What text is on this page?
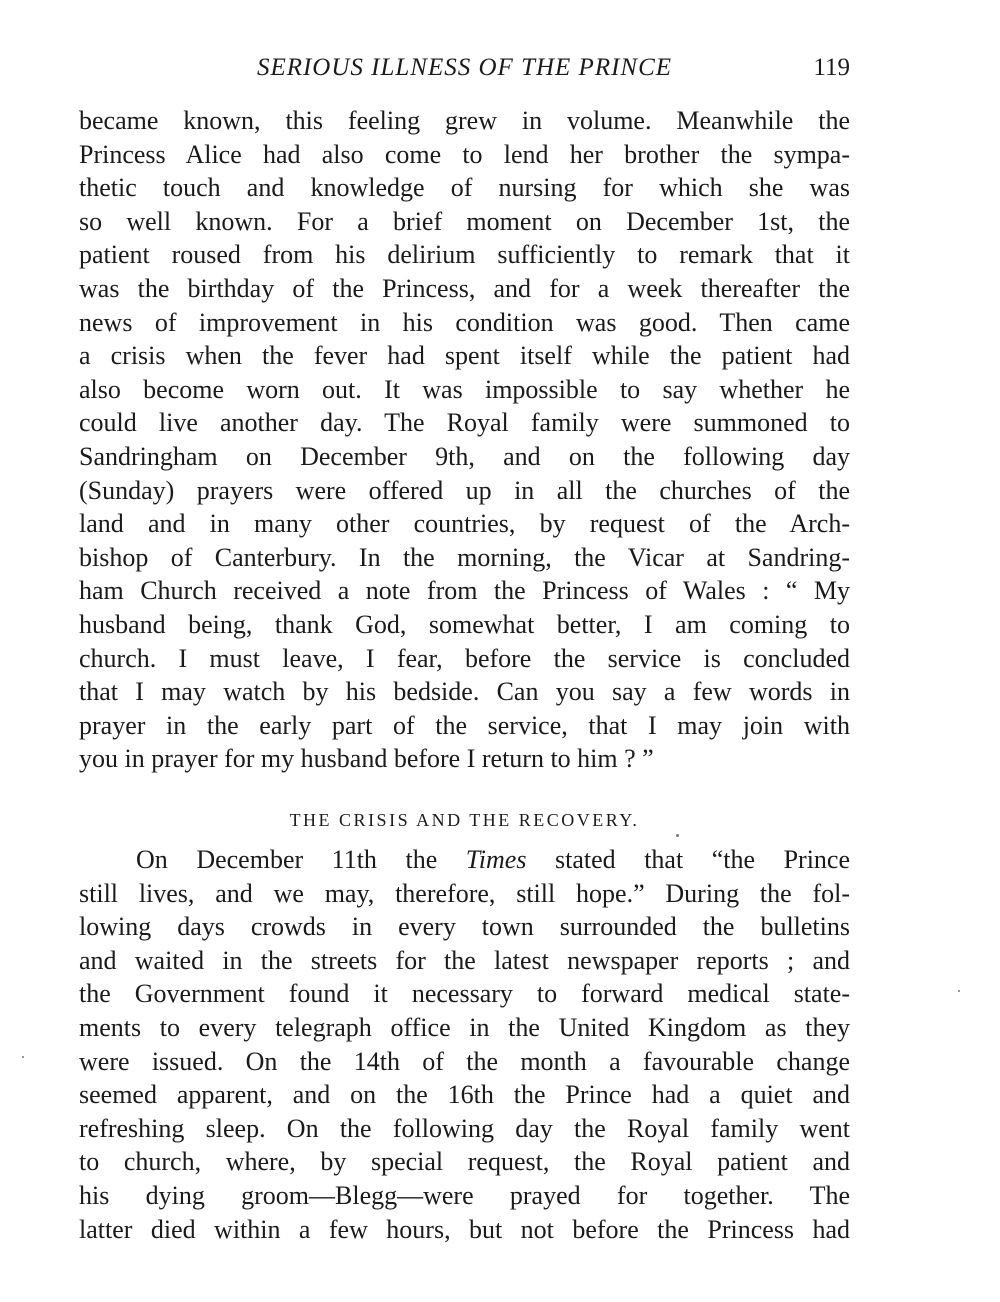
SERIOUS ILLNESS OF THE PRINCE	119
became known, this feeling grew in volume. Meanwhile the
Princess Alice had also come to lend her brother the sympa-
thetic touch and knowledge of nursing for which she was
so well known. For a brief moment on December 1st, the
patient roused from his delirium sufficiently to remark that it
was the birthday of the Princess, and for a week thereafter the
news of improvement in his condition was good. Then came
a crisis when the fever had spent itself while the patient had
also become worn out. It was impossible to say whether he
could live another day. The Royal family were summoned to
Sandringham on December 9th, and on the following day
(Sunday) prayers were offered up in all the churches of the
land and in many other countries, by request of the Arch-
bishop of Canterbury. In the morning, the Vicar at Sandring-
ham Church received a note from the Princess of Wales : “ My
husband being, thank God, somewhat better, I am coming to
church. I must leave, I fear, before the service is concluded
that I may watch by his bedside. Can you say a few words in
prayer in the early part of the service, that I may join with
you in prayer for my husband before I return to him ? ”
THE CRISIS AND THE RECOVERY.
On December 11th the Times stated that “the Prince
still lives, and we may, therefore, still hope.” During the fol-
lowing days crowds in every town surrounded the bulletins
and waited in the streets for the latest newspaper reports ; and
the Government found it necessary to forward medical state-
ments to every telegraph office in the United Kingdom as they
were issued. On the 14th of the month a favourable change
seemed apparent, and on the 16th the Prince had a quiet and
refreshing sleep. On the following day the Royal family went
to church, where, by special request, the Royal patient and
his dying groom—Blegg—were prayed for together. The
latter died within a few hours, but not before the Princess had
